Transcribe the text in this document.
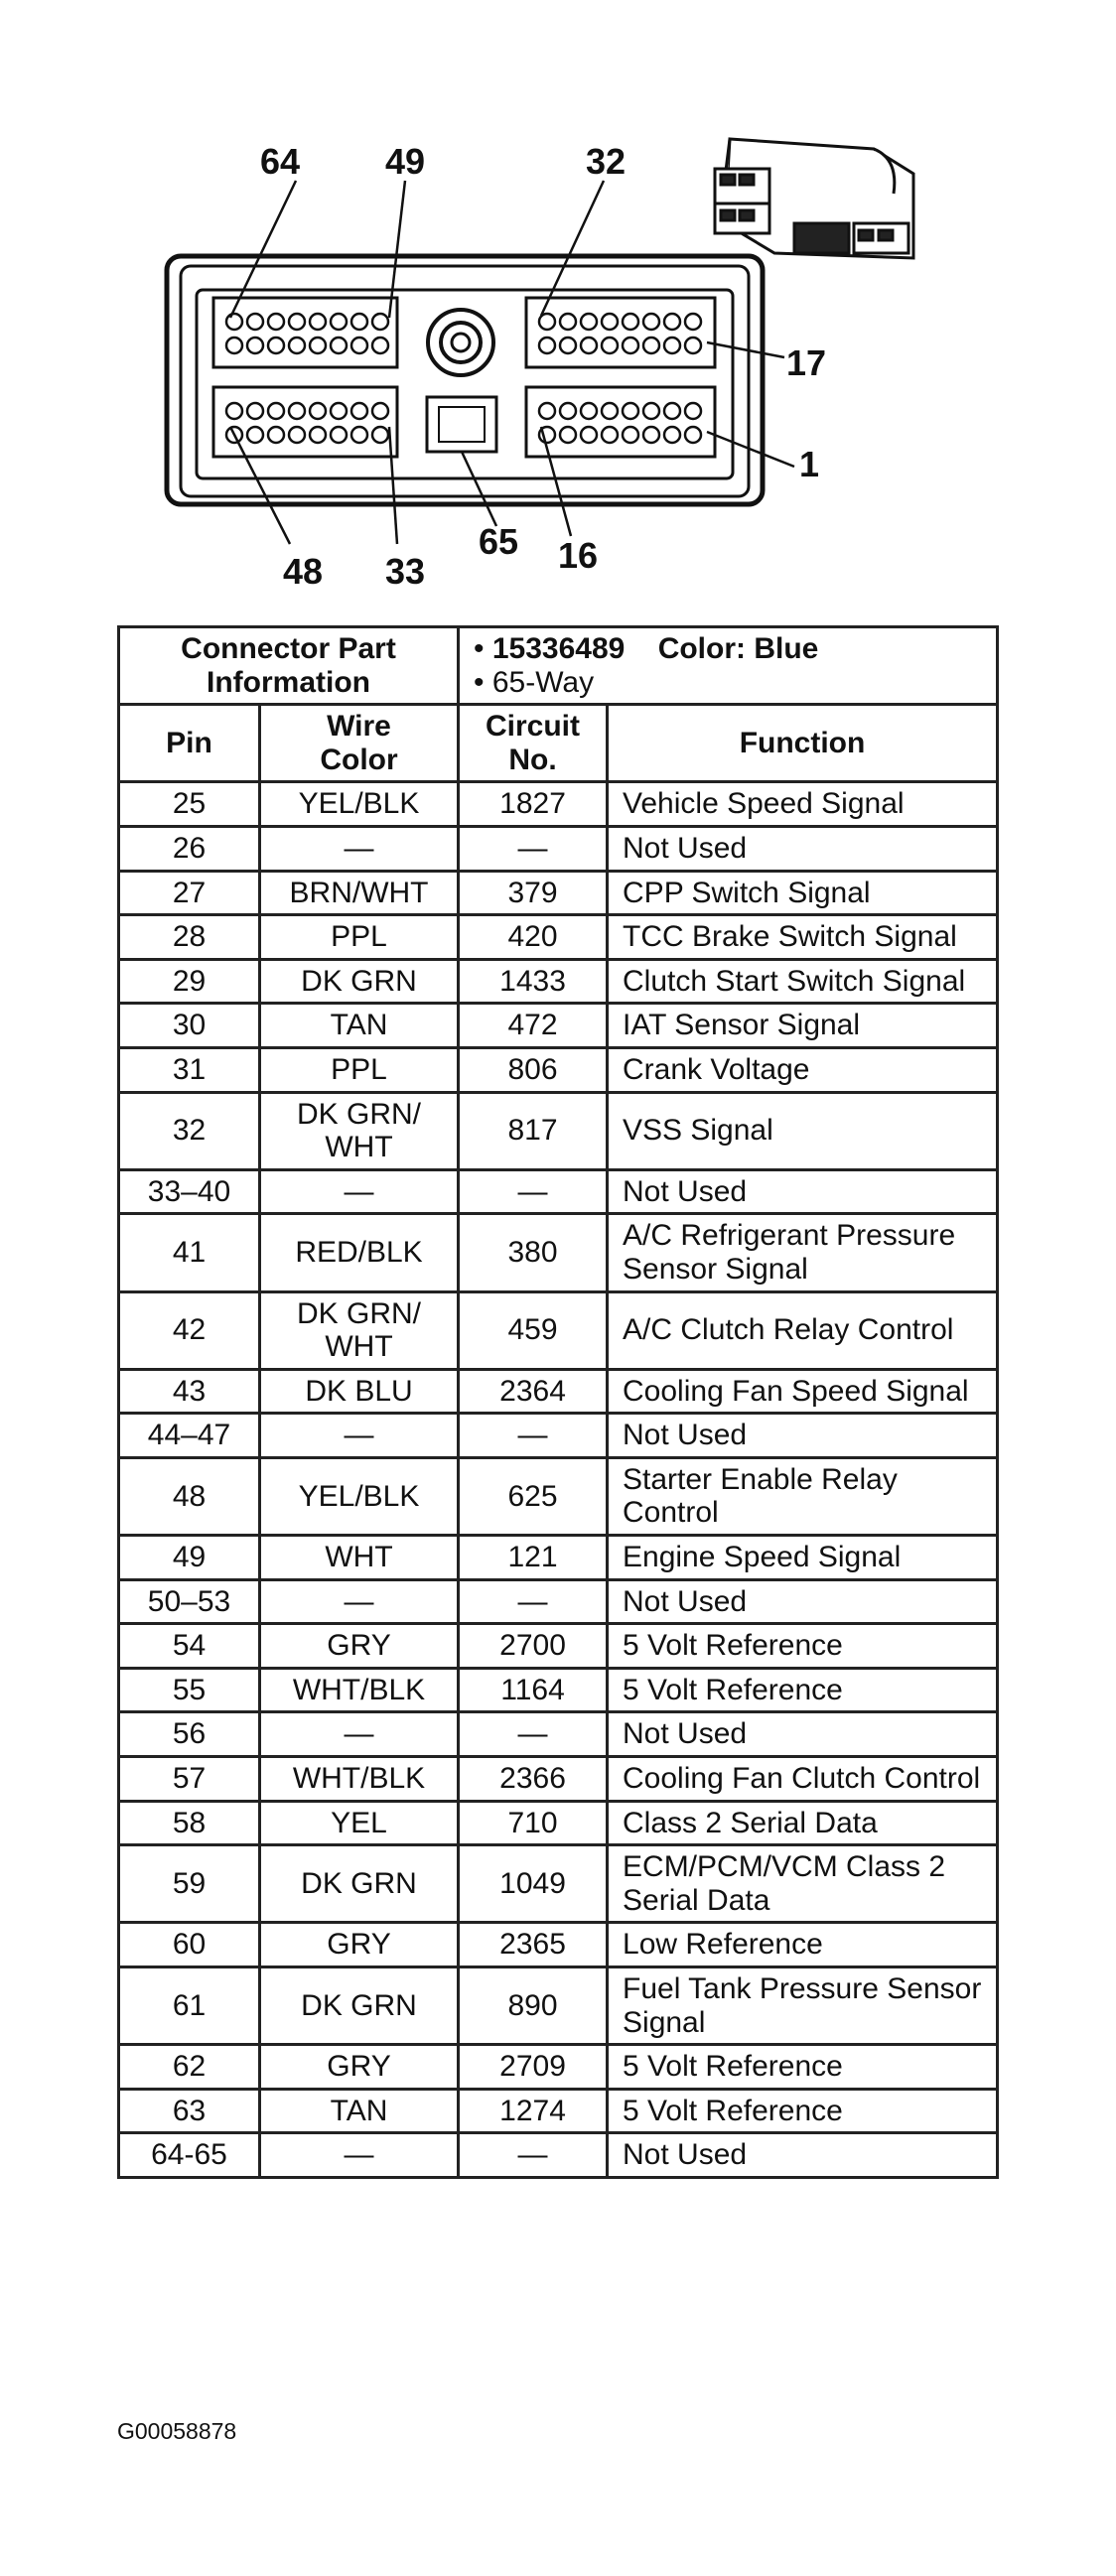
64 49	32
17
1
48 33
65 16
Connector Part
Information		• 15336489 Color: Blue
• 65-Way	

Pin	Wire Color	Circuit No.	Function
25	YEL/BLK	1827	Vehicle Speed Signal
26	—	—	Not Used
27	BRN/WHT	379	CPP Switch Signal
28	PPL	420	TCC Brake Switch Signal
29	DK GRN	1433	Clutch Start Switch Signal
30	TAN	472	IAT Sensor Signal
31	PPL	806	Crank Voltage
32	DK GRN/ WHT	817	VSS Signal
33–40	—	—	Not Used
41	RED/BLK	380	A/C Refrigerant Pressure Sensor Signal
42	DK GRN/ WHT	459	A/C Clutch Relay Control
43	DK BLU	2364	Cooling Fan Speed Signal
44–47	—	—	Not Used
48	YEL/BLK	625	Starter Enable Relay Control
49	WHT	121	Engine Speed Signal
50–53	—	—	Not Used
54	GRY	2700	5 Volt Reference
55	WHT/BLK	1164	5 Volt Reference
56	—	—	Not Used
57	WHT/BLK	2366	Cooling Fan Clutch Control
58	YEL	710	Class 2 Serial Data
59	DK GRN	1049	ECM/PCM/VCM Class 2 Serial Data
60	GRY	2365	Low Reference
61	DK GRN	890	Fuel Tank Pressure Sensor Signal
62	GRY	2709	5 Volt Reference
63	TAN	1274	5 Volt Reference
64-65	—	—	Not Used
G00058878
